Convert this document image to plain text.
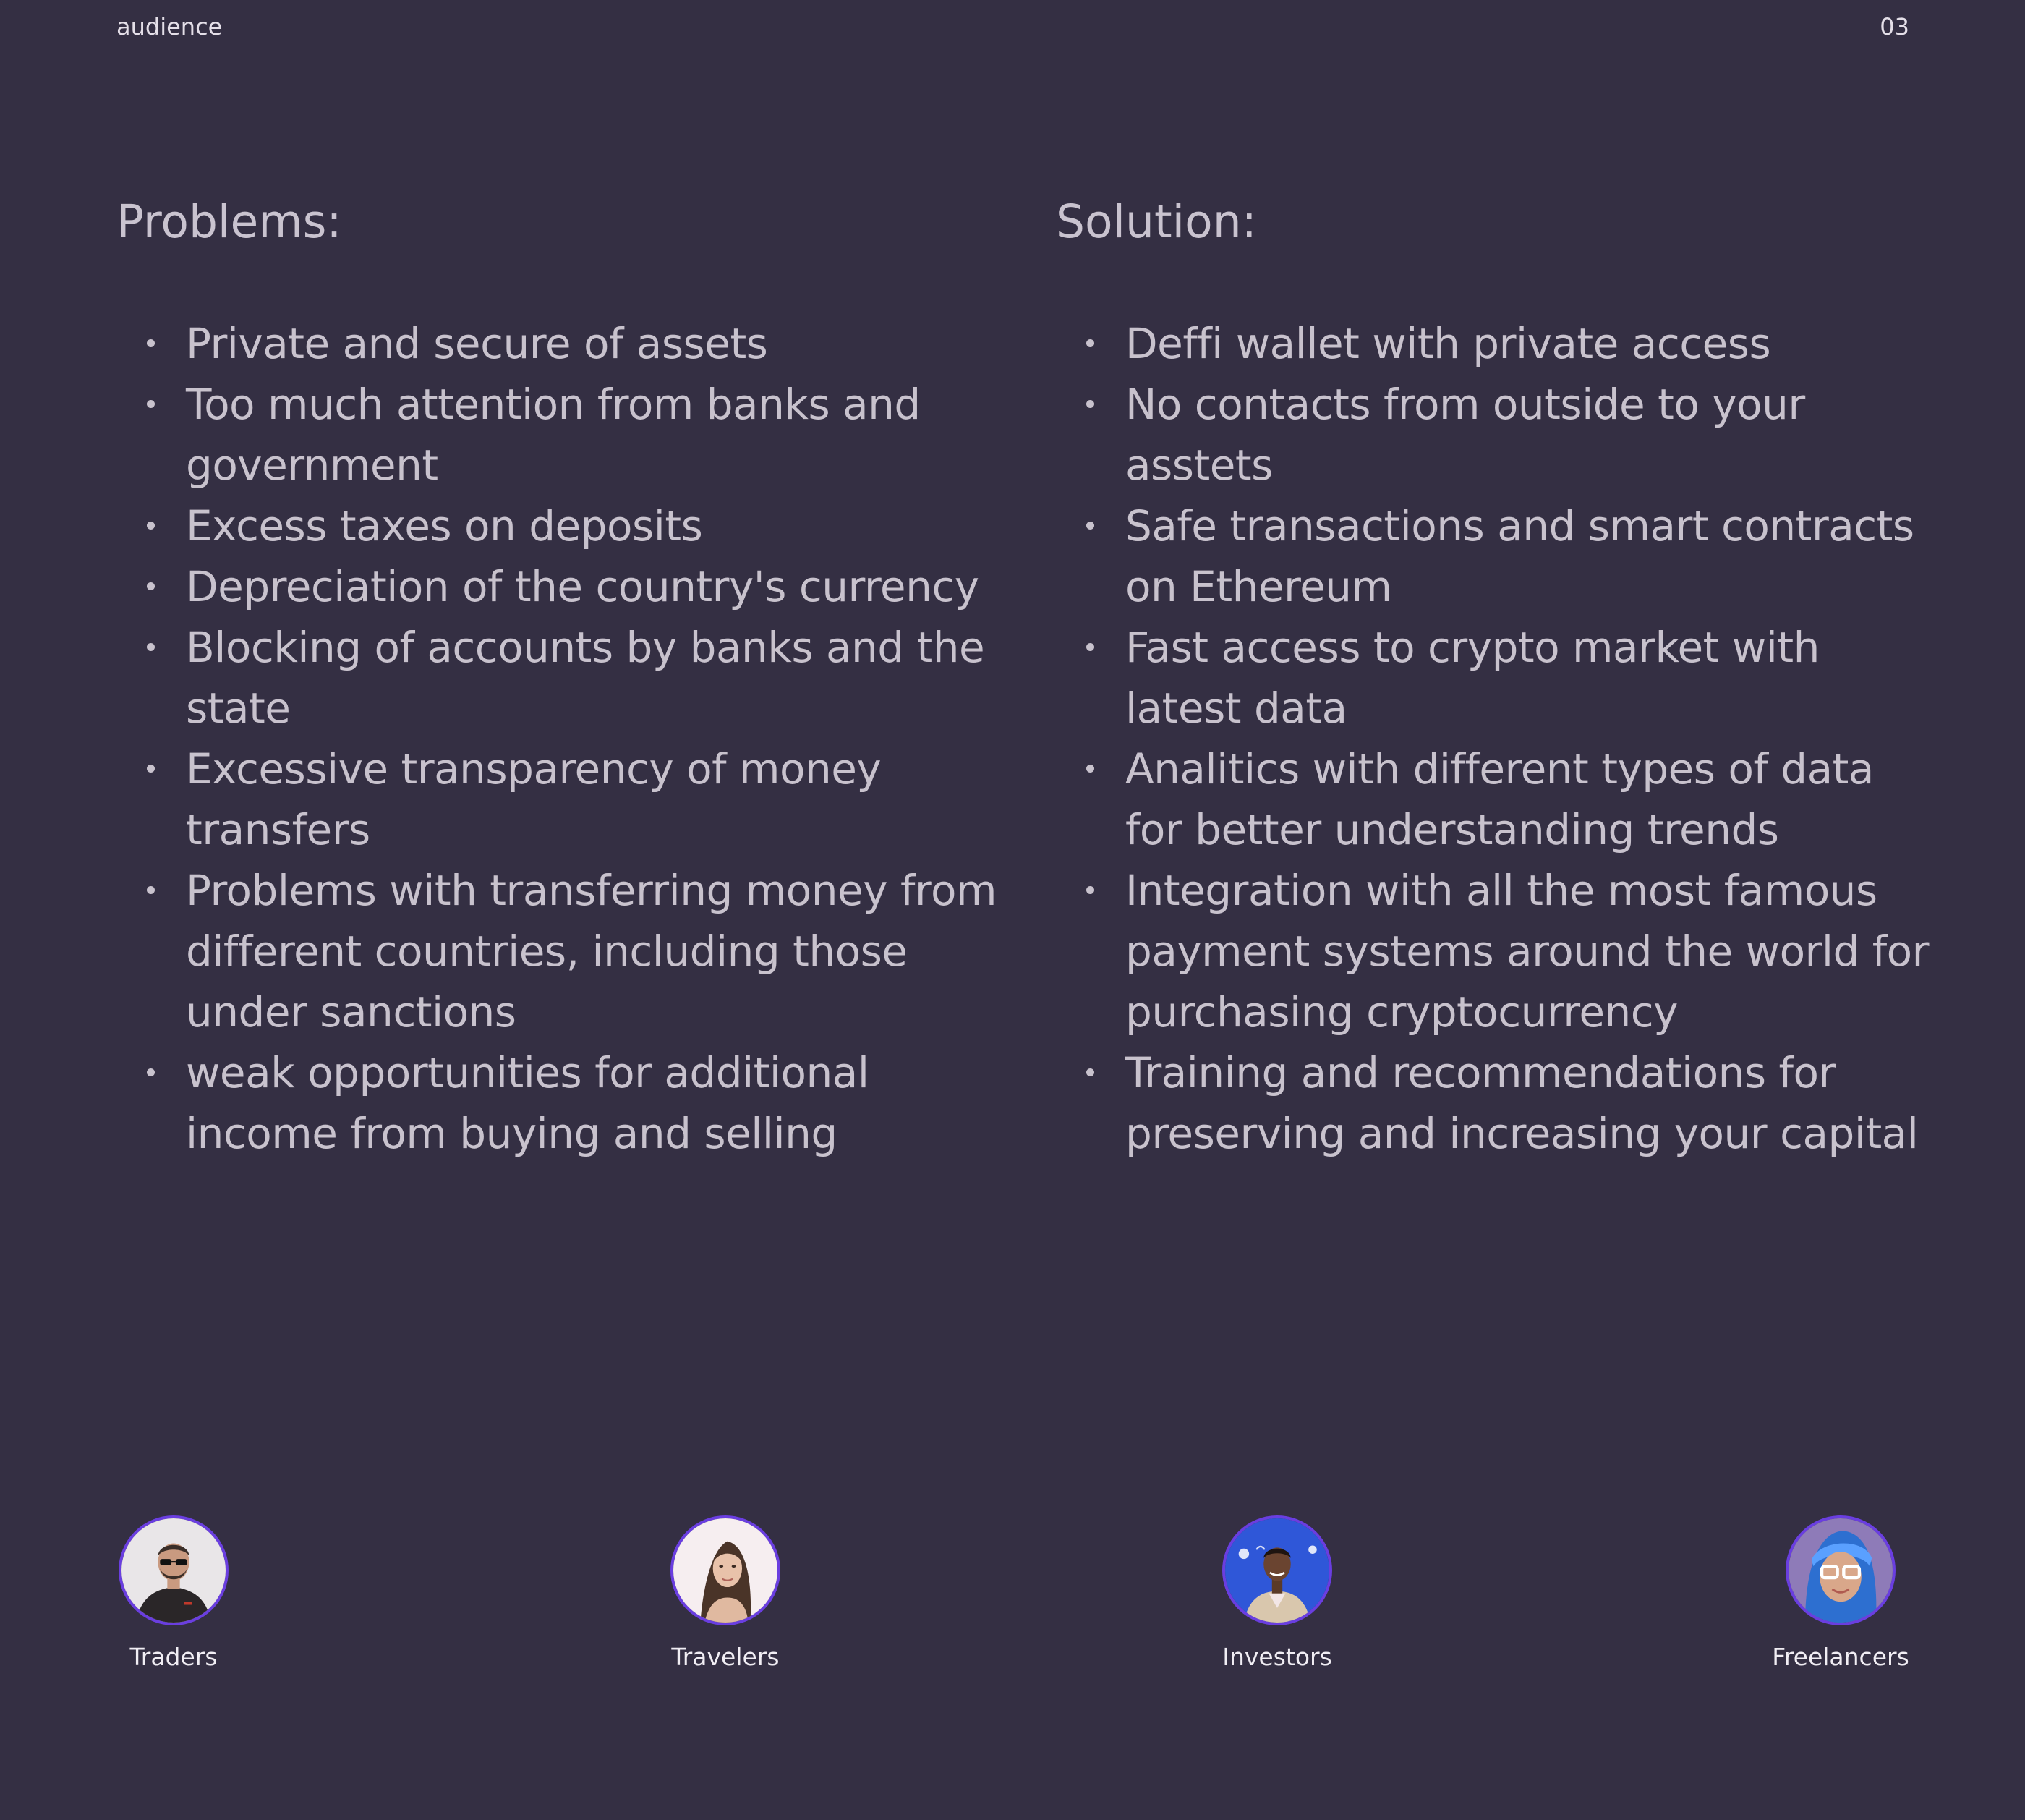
audience	03
Problems:
Private and secure of assets
Too much attention from banks and government
Excess taxes on deposits
Depreciation of the country's currency
Blocking of accounts by banks and the state
Excessive transparency of money transfers
Problems with transferring money from different countries, including those under sanctions
weak opportunities for additional income from buying and selling
Solution:
Deffi wallet with private access
No contacts from outside to your asstets
Safe transactions and smart contracts on Ethereum
Fast access to crypto market with latest data
Analitics with different types of data for better understanding trends
Integration with all the most famous payment systems around the world for purchasing cryptocurrency
Training and recommendations for preserving and increasing your capital
Traders	Travelers	Investors	Freelancers
